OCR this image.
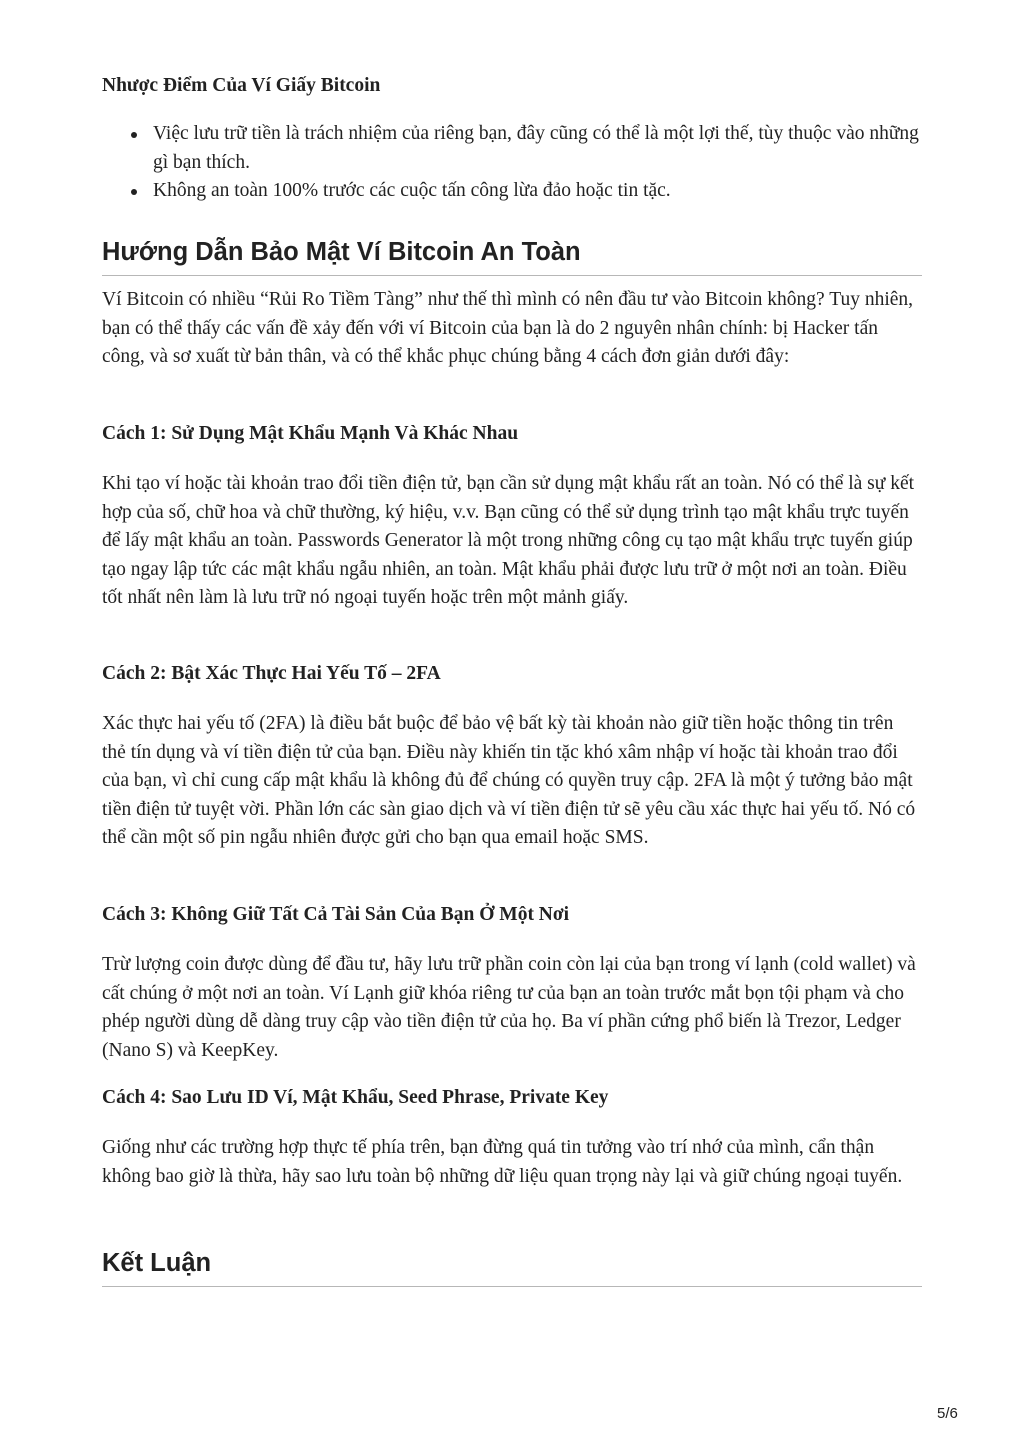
Nhược Điểm Của Ví Giấy Bitcoin
Việc lưu trữ tiền là trách nhiệm của riêng bạn, đây cũng có thể là một lợi thế, tùy thuộc vào những gì bạn thích.
Không an toàn 100% trước các cuộc tấn công lừa đảo hoặc tin tặc.
Hướng Dẫn Bảo Mật Ví Bitcoin An Toàn

Ví Bitcoin có nhiều “Rủi Ro Tiềm Tàng” như thế thì mình có nên đầu tư vào Bitcoin không? Tuy nhiên, bạn có thể thấy các vấn đề xảy đến với ví Bitcoin của bạn là do 2 nguyên nhân chính: bị Hacker tấn công, và sơ xuất từ bản thân, và có thể khắc phục chúng bằng 4 cách đơn giản dưới đây:

Cách 1: Sử Dụng Mật Khẩu Mạnh Và Khác Nhau

Khi tạo ví hoặc tài khoản trao đổi tiền điện tử, bạn cần sử dụng mật khẩu rất an toàn. Nó có thể là sự kết hợp của số, chữ hoa và chữ thường, ký hiệu, v.v. Bạn cũng có thể sử dụng trình tạo mật khẩu trực tuyến để lấy mật khẩu an toàn. Passwords Generator là một trong những công cụ tạo mật khẩu trực tuyến giúp tạo ngay lập tức các mật khẩu ngẫu nhiên, an toàn. Mật khẩu phải được lưu trữ ở một nơi an toàn. Điều tốt nhất nên làm là lưu trữ nó ngoại tuyến hoặc trên một mảnh giấy.

Cách 2: Bật Xác Thực Hai Yếu Tố – 2FA

Xác thực hai yếu tố (2FA) là điều bắt buộc để bảo vệ bất kỳ tài khoản nào giữ tiền hoặc thông tin trên thẻ tín dụng và ví tiền điện tử của bạn. Điều này khiến tin tặc khó xâm nhập ví hoặc tài khoản trao đổi của bạn, vì chỉ cung cấp mật khẩu là không đủ để chúng có quyền truy cập. 2FA là một ý tưởng bảo mật tiền điện tử tuyệt vời. Phần lớn các sàn giao dịch và ví tiền điện tử sẽ yêu cầu xác thực hai yếu tố. Nó có thể cần một số pin ngẫu nhiên được gửi cho bạn qua email hoặc SMS.

Cách 3: Không Giữ Tất Cả Tài Sản Của Bạn Ở Một Nơi

Trừ lượng coin được dùng để đầu tư, hãy lưu trữ phần coin còn lại của bạn trong ví lạnh (cold wallet) và cất chúng ở một nơi an toàn. Ví Lạnh giữ khóa riêng tư của bạn an toàn trước mắt bọn tội phạm và cho phép người dùng dễ dàng truy cập vào tiền điện tử của họ. Ba ví phần cứng phổ biến là Trezor, Ledger (Nano S) và KeepKey.

Cách 4: Sao Lưu ID Ví, Mật Khẩu, Seed Phrase, Private Key

Giống như các trường hợp thực tế phía trên, bạn đừng quá tin tưởng vào trí nhớ của mình, cẩn thận không bao giờ là thừa, hãy sao lưu toàn bộ những dữ liệu quan trọng này lại và giữ chúng ngoại tuyến.

Kết Luận
5/6
